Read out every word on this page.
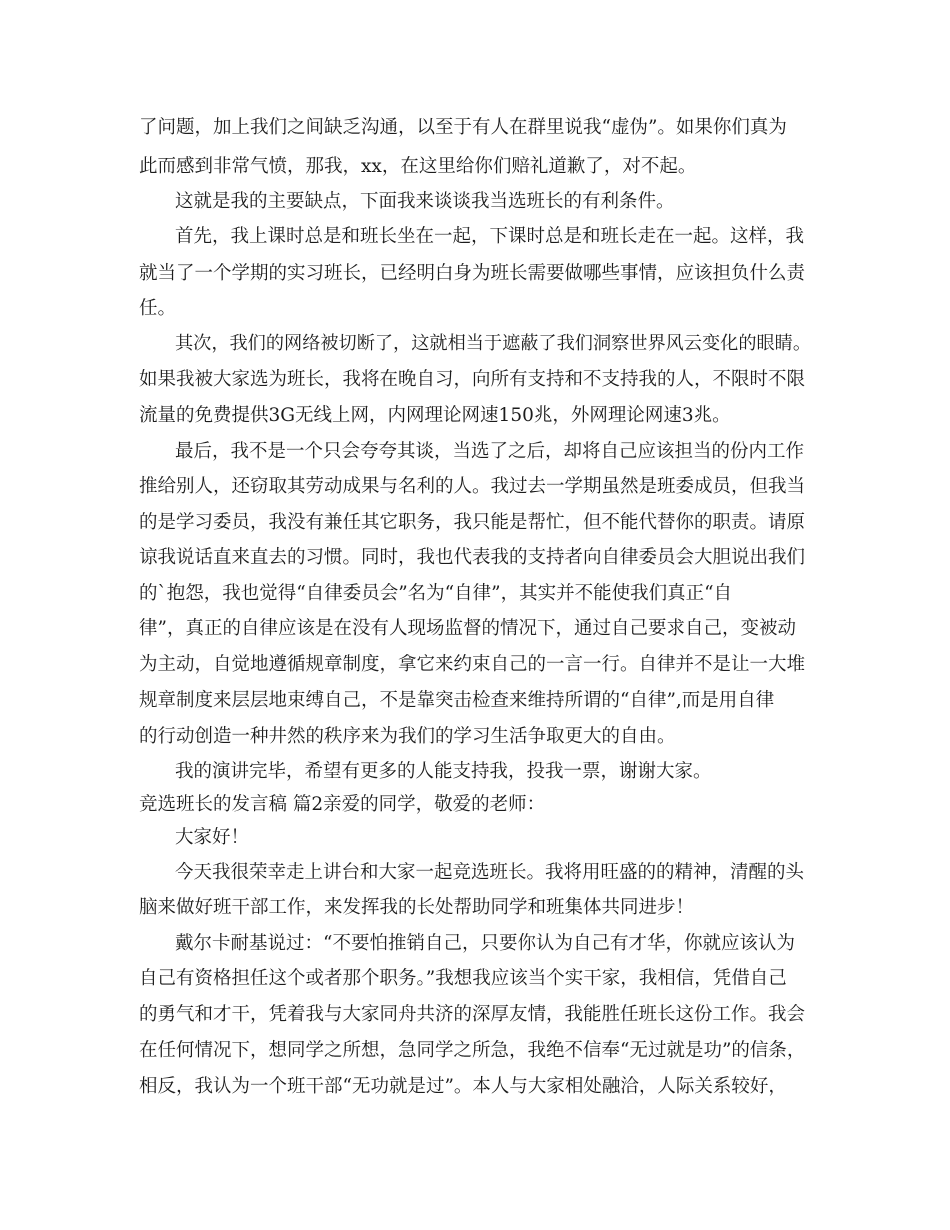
了问题，加上我们之间缺乏沟通，以至于有人在群里说我“虚伪”。如果你们真为
此而感到非常气愤，那我，xx，在这里给你们赔礼道歉了，对不起。
这就是我的主要缺点，下面我来谈谈我当选班长的有利条件。
首先，我上课时总是和班长坐在一起，下课时总是和班长走在一起。这样，我
就当了一个学期的实习班长，已经明白身为班长需要做哪些事情，应该担负什么责
任。
其次，我们的网络被切断了，这就相当于遮蔽了我们洞察世界风云变化的眼睛。
如果我被大家选为班长，我将在晚自习，向所有支持和不支持我的人，不限时不限
流量的免费提供3G无线上网，内网理论网速150兆，外网理论网速3兆。
最后，我不是一个只会夸夸其谈，当选了之后，却将自己应该担当的份内工作
推给别人，还窃取其劳动成果与名利的人。我过去一学期虽然是班委成员，但我当
的是学习委员，我没有兼任其它职务，我只能是帮忙，但不能代替你的职责。请原
谅我说话直来直去的习惯。同时，我也代表我的支持者向自律委员会大胆说出我们
的`抱怨，我也觉得“自律委员会”名为“自律”，其实并不能使我们真正“自
律”，真正的自律应该是在没有人现场监督的情况下，通过自己要求自己，变被动
为主动，自觉地遵循规章制度，拿它来约束自己的一言一行。自律并不是让一大堆
规章制度来层层地束缚自己，不是靠突击检查来维持所谓的“自律”,而是用自律
的行动创造一种井然的秩序来为我们的学习生活争取更大的自由。
我的演讲完毕，希望有更多的人能支持我，投我一票，谢谢大家。
竞选班长的发言稿 篇2亲爱的同学，敬爱的老师：
大家好！
今天我很荣幸走上讲台和大家一起竞选班长。我将用旺盛的的精神，清醒的头
脑来做好班干部工作，来发挥我的长处帮助同学和班集体共同进步！
戴尔卡耐基说过：“不要怕推销自己，只要你认为自己有才华，你就应该认为
自己有资格担任这个或者那个职务。”我想我应该当个实干家，我相信，凭借自己
的勇气和才干，凭着我与大家同舟共济的深厚友情，我能胜任班长这份工作。我会
在任何情况下，想同学之所想，急同学之所急，我绝不信奉“无过就是功”的信条，
相反，我认为一个班干部“无功就是过”。本人与大家相处融洽，人际关系较好，
